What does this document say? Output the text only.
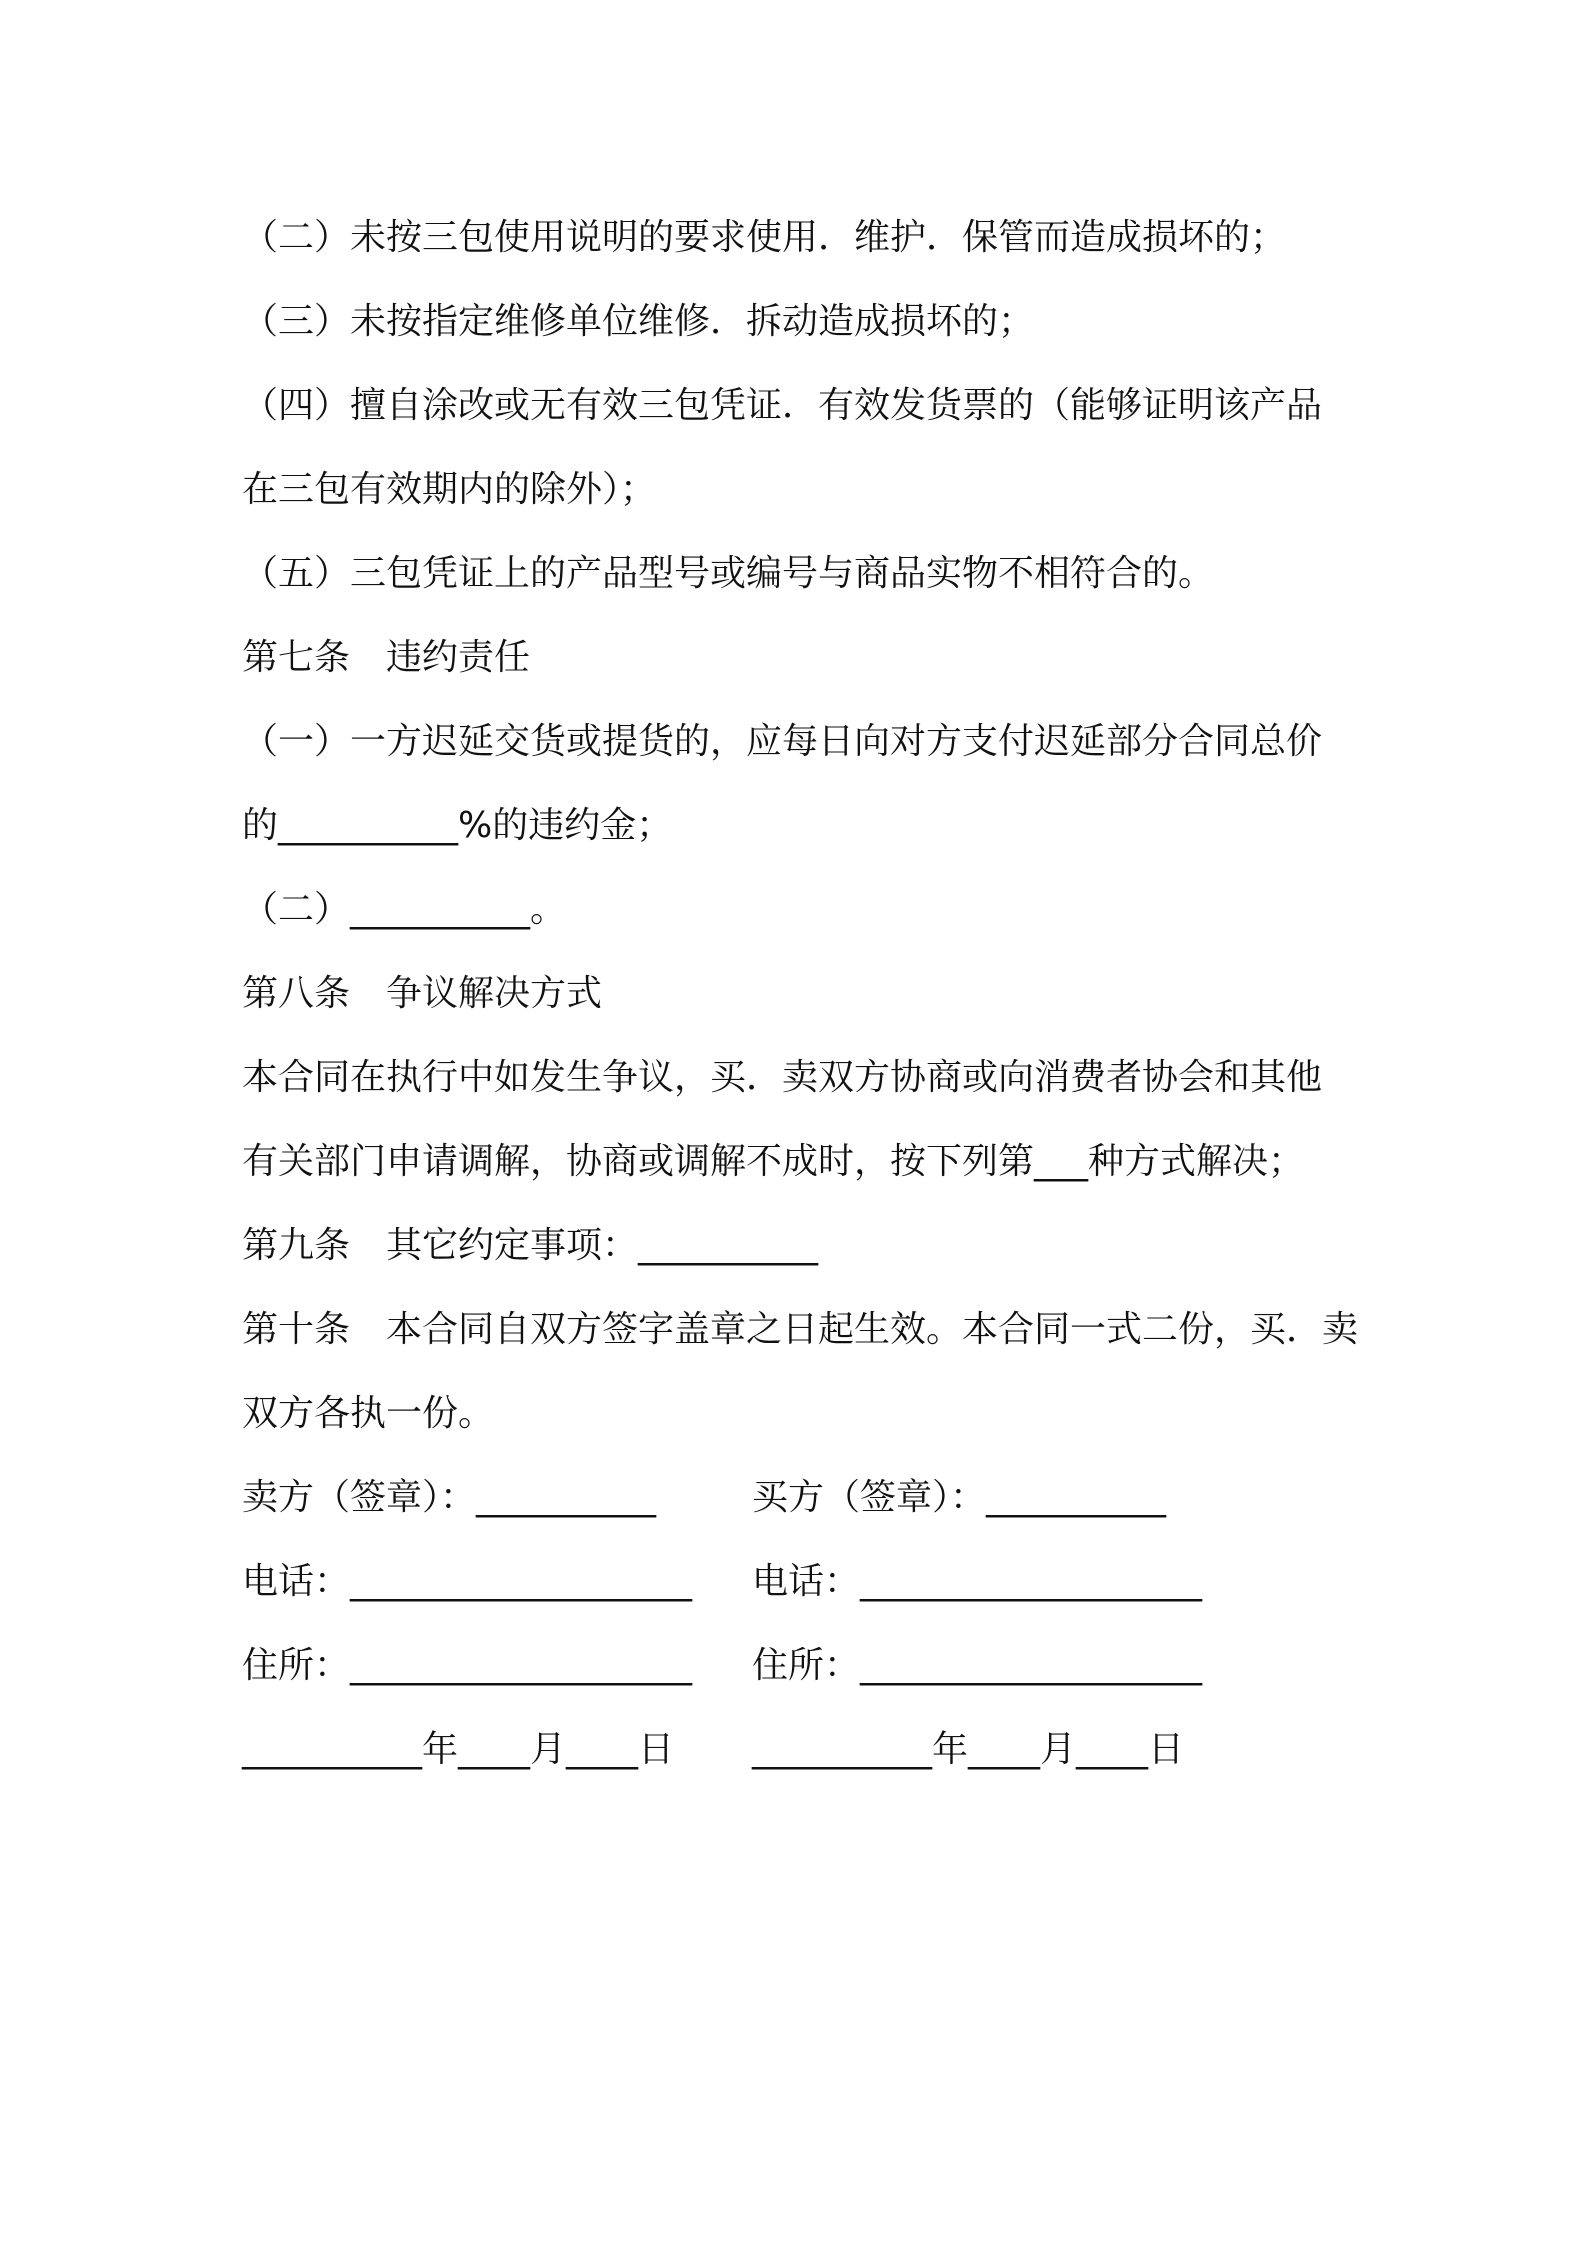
（二）未按三包使用说明的要求使用．维护．保管而造成损坏的；
（三）未按指定维修单位维修．拆动造成损坏的；
（四）擅自涂改或无有效三包凭证．有效发货票的（能够证明该产品
在三包有效期内的除外）；
（五）三包凭证上的产品型号或编号与商品实物不相符合的。
第七条　违约责任
（一）一方迟延交货或提货的，应每日向对方支付迟延部分合同总价
的__________%的违约金；
（二）__________。
第八条　争议解决方式
本合同在执行中如发生争议，买．卖双方协商或向消费者协会和其他
有关部门申请调解，协商或调解不成时，按下列第___种方式解决；
第九条　其它约定事项：__________
第十条　本合同自双方签字盖章之日起生效。本合同一式二份，买．卖
双方各执一份。
卖方（签章）：__________	买方（签章）：__________
电话：___________________	电话：___________________
住所：___________________	住所：___________________
__________年____月____日	__________年____月____日
